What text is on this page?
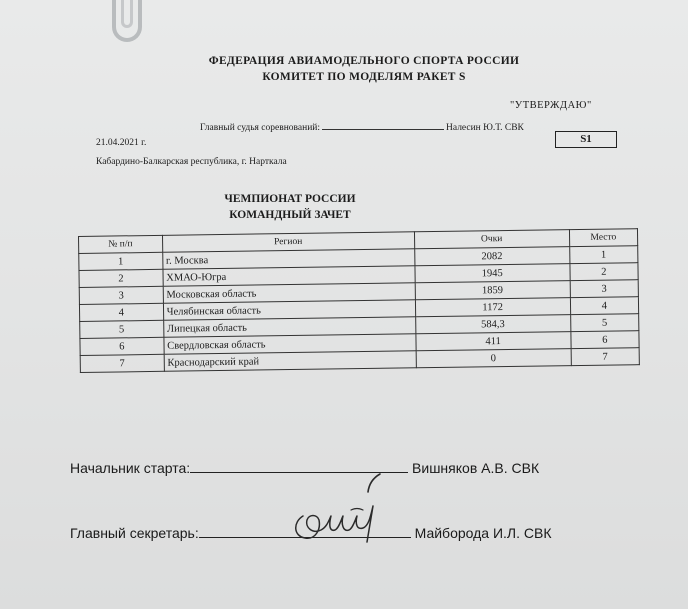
ФЕДЕРАЦИЯ АВИАМОДЕЛЬНОГО СПОРТА РОССИИ
КОМИТЕТ ПО МОДЕЛЯМ РАКЕТ S
"УТВЕРЖДАЮ"
Главный судья соревнований:	Налесин Ю.Т. СВК
S1
21.04.2021 г.
Кабардино-Балкарская республика, г. Нарткала
ЧЕМПИОНАТ РОССИИ
КОМАНДНЫЙ ЗАЧЕТ
№ п/п	Регион	Очки	Место
1	г. Москва	2082	1
2	ХМАО-Югра	1945	2
3	Московская область	1859	3
4	Челябинская область	1172	4
5	Липецкая область	584,3	5
6	Свердловская область	411	6
7	Краснодарский край	0	7
Начальник старта:	Вишняков А.В. СВК
Главный секретарь:	Майборода И.Л. СВК
